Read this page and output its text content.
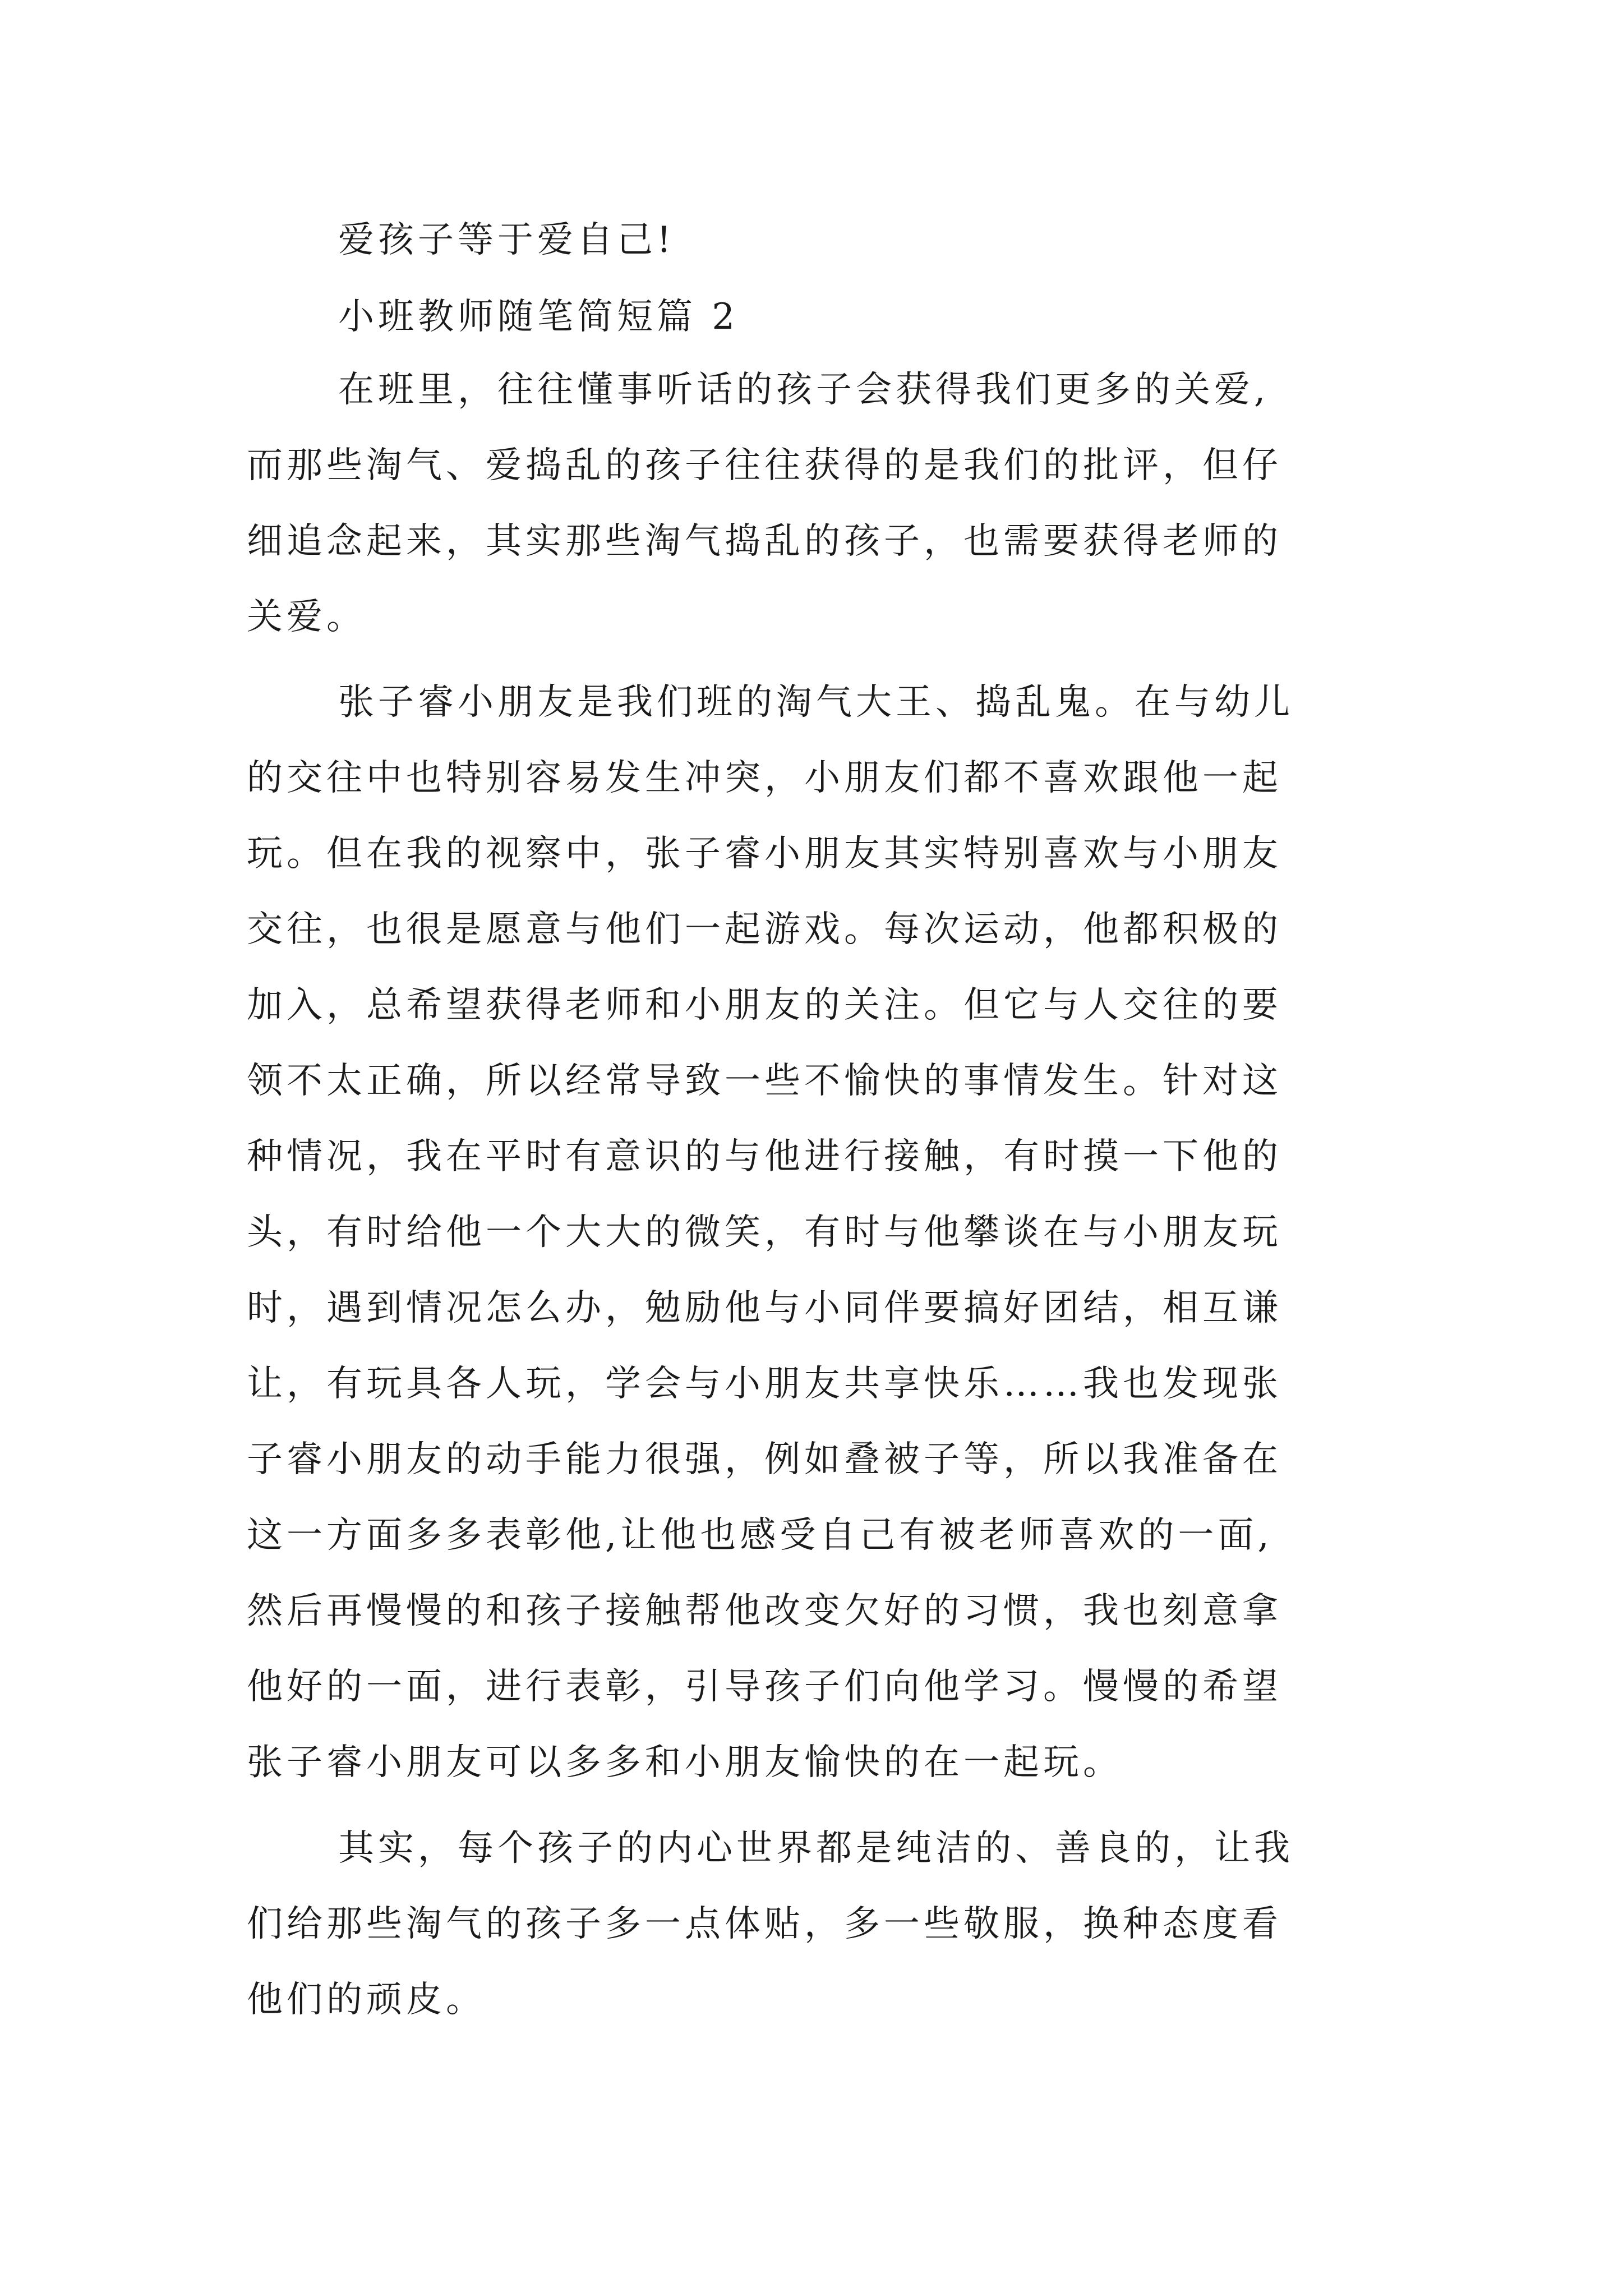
爱孩子等于爱自己!

小班教师随笔简短篇 2

在班里，往往懂事听话的孩子会获得我们更多的关爱,

而那些淘气、爱捣乱的孩子往往获得的是我们的批评，但仔

细追念起来，其实那些淘气捣乱的孩子，也需要获得老师的

关爱。

张子睿小朋友是我们班的淘气大王、捣乱鬼。在与幼儿

的交往中也特别容易发生冲突，小朋友们都不喜欢跟他一起

玩。但在我的视察中，张子睿小朋友其实特别喜欢与小朋友

交往，也很是愿意与他们一起游戏。每次运动，他都积极的

加入，总希望获得老师和小朋友的关注。但它与人交往的要

领不太正确，所以经常导致一些不愉快的事情发生。针对这

种情况，我在平时有意识的与他进行接触，有时摸一下他的

头，有时给他一个大大的微笑，有时与他攀谈在与小朋友玩

时，遇到情况怎么办，勉励他与小同伴要搞好团结，相互谦

让，有玩具各人玩，学会与小朋友共享快乐……我也发现张

子睿小朋友的动手能力很强，例如叠被子等，所以我准备在

这一方面多多表彰他,让他也感受自己有被老师喜欢的一面,

然后再慢慢的和孩子接触帮他改变欠好的习惯，我也刻意拿

他好的一面，进行表彰，引导孩子们向他学习。慢慢的希望

张子睿小朋友可以多多和小朋友愉快的在一起玩。

其实，每个孩子的内心世界都是纯洁的、善良的，让我

们给那些淘气的孩子多一点体贴，多一些敬服，换种态度看

他们的顽皮。
